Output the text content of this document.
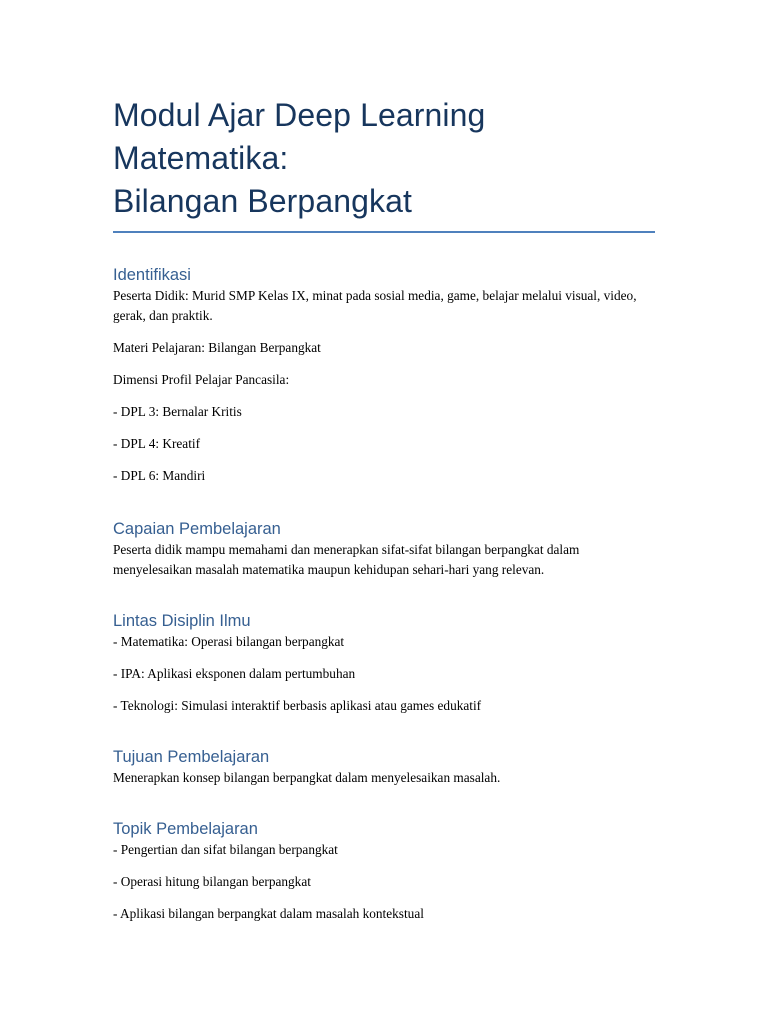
Modul Ajar Deep Learning Matematika:
Bilangan Berpangkat
Identifikasi

Peserta Didik: Murid SMP Kelas IX, minat pada sosial media, game, belajar melalui visual, video, gerak, dan praktik.

Materi Pelajaran: Bilangan Berpangkat

Dimensi Profil Pelajar Pancasila:

- DPL 3: Bernalar Kritis

- DPL 4: Kreatif

- DPL 6: Mandiri

Capaian Pembelajaran

Peserta didik mampu memahami dan menerapkan sifat-sifat bilangan berpangkat dalam menyelesaikan masalah matematika maupun kehidupan sehari-hari yang relevan.

Lintas Disiplin Ilmu

- Matematika: Operasi bilangan berpangkat

- IPA: Aplikasi eksponen dalam pertumbuhan

- Teknologi: Simulasi interaktif berbasis aplikasi atau games edukatif

Tujuan Pembelajaran

Menerapkan konsep bilangan berpangkat dalam menyelesaikan masalah.

Topik Pembelajaran

- Pengertian dan sifat bilangan berpangkat

- Operasi hitung bilangan berpangkat

- Aplikasi bilangan berpangkat dalam masalah kontekstual
